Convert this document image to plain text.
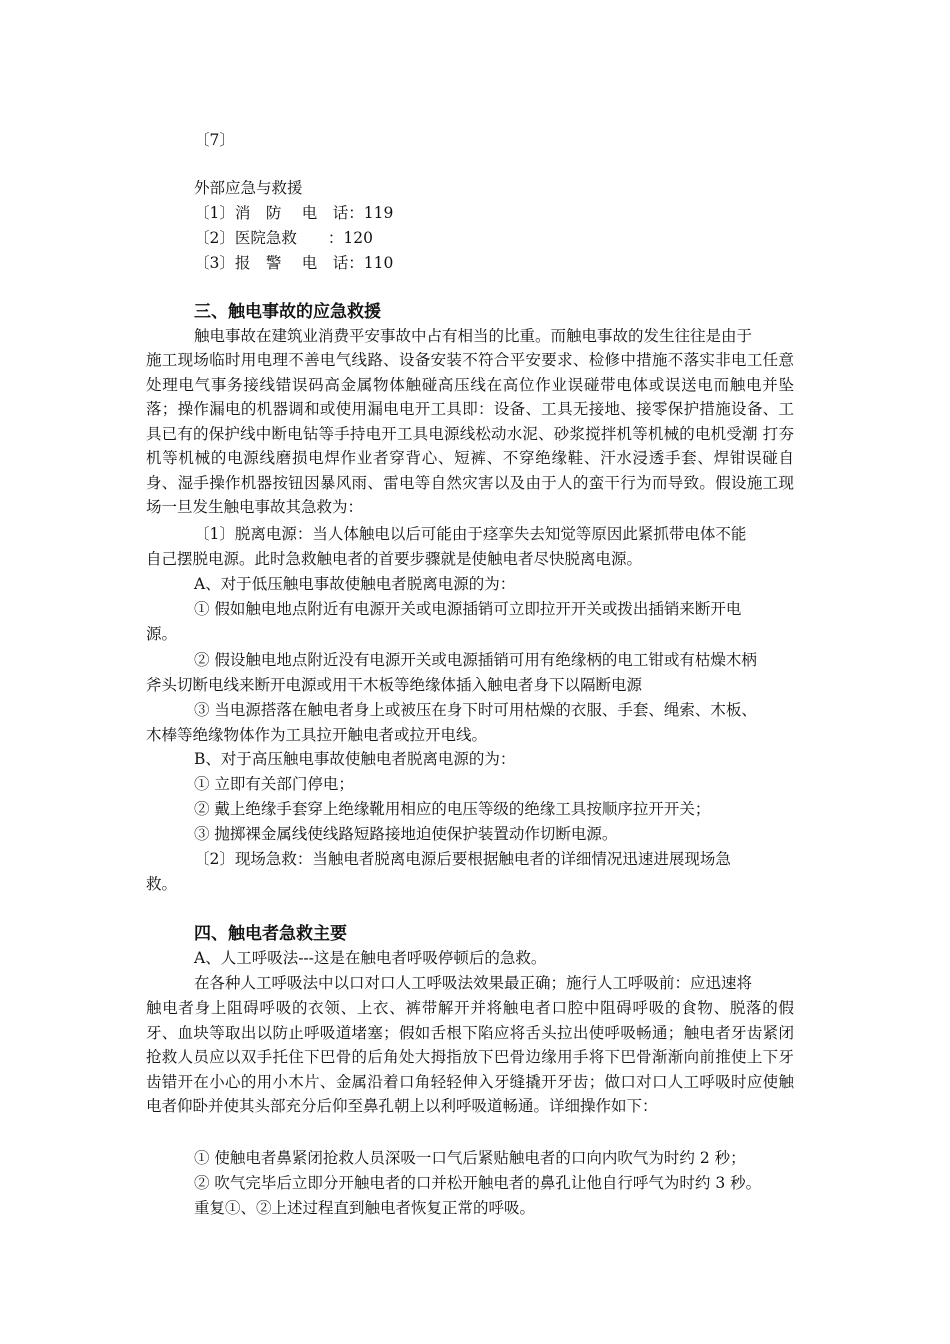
〔7〕
外部应急与救援
〔1〕消　防　 电　话：119
〔2〕医院急救　　：120
〔3〕报　警　 电　话：110
三、触电事故的应急救援
触电事故在建筑业消费平安事故中占有相当的比重。而触电事故的发生往往是由于
施工现场临时用电理不善电气线路、设备安装不符合平安要求、检修中措施不落实非电工任意处理电气事务接线错误码高金属物体触碰高压线在高位作业误碰带电体或误送电而触电并坠落；操作漏电的机器调和或使用漏电电开工具即：设备、工具无接地、接零保护措施设备、工具已有的保护线中断电钻等手持电开工具电源线松动水泥、砂浆搅拌机等机械的电机受潮 打夯机等机械的电源线磨损电焊作业者穿背心、短裤、不穿绝缘鞋、汗水浸透手套、焊钳误碰自身、湿手操作机器按钮因暴风雨、雷电等自然灾害以及由于人的蛮干行为而导致。假设施工现场一旦发生触电事故其急救为：
〔1〕脱离电源：当人体触电以后可能由于痉挛失去知觉等原因此紧抓带电体不能
自己摆脱电源。此时急救触电者的首要步骤就是使触电者尽快脱离电源。
A、对于低压触电事故使触电者脱离电源的为：
① 假如触电地点附近有电源开关或电源插销可立即拉开开关或拨出插销来断开电
源。
② 假设触电地点附近没有电源开关或电源插销可用有绝缘柄的电工钳或有枯燥木柄
斧头切断电线来断开电源或用干木板等绝缘体插入触电者身下以隔断电源
③ 当电源搭落在触电者身上或被压在身下时可用枯燥的衣服、手套、绳索、木板、
木棒等绝缘物体作为工具拉开触电者或拉开电线。
B、对于高压触电事故使触电者脱离电源的为：
① 立即有关部门停电；
② 戴上绝缘手套穿上绝缘靴用相应的电压等级的绝缘工具按顺序拉开开关；
③ 抛掷裸金属线使线路短路接地迫使保护装置动作切断电源。
〔2〕现场急救：当触电者脱离电源后要根据触电者的详细情况迅速进展现场急
救。
四、触电者急救主要
A、人工呼吸法---这是在触电者呼吸停顿后的急救。
在各种人工呼吸法中以口对口人工呼吸法效果最正确；施行人工呼吸前：应迅速将
触电者身上阻碍呼吸的衣领、上衣、裤带解开并将触电者口腔中阻碍呼吸的食物、脱落的假牙、血块等取出以防止呼吸道堵塞；假如舌根下陷应将舌头拉出使呼吸畅通；触电者牙齿紧闭抢救人员应以双手托住下巴骨的后角处大拇指放下巴骨边缘用手将下巴骨渐渐向前推使上下牙齿错开在小心的用小木片、金属沿着口角轻轻伸入牙缝撬开牙齿；做口对口人工呼吸时应使触电者仰卧并使其头部充分后仰至鼻孔朝上以利呼吸道畅通。详细操作如下：
① 使触电者鼻紧闭抢救人员深吸一口气后紧贴触电者的口向内吹气为时约 2 秒；
② 吹气完毕后立即分开触电者的口并松开触电者的鼻孔让他自行呼气为时约 3 秒。
重复①、②上述过程直到触电者恢复正常的呼吸。
